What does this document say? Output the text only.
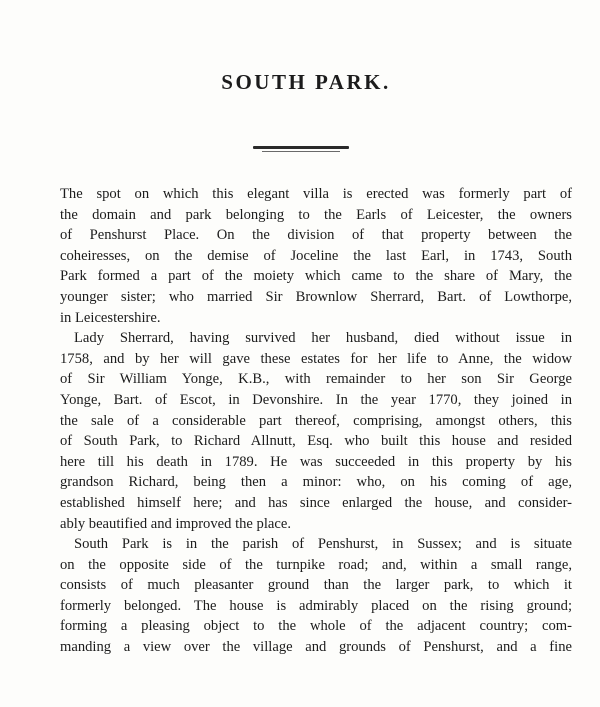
SOUTH PARK.
The spot on which this elegant villa is erected was formerly part of
the domain and park belonging to the Earls of Leicester, the owners
of Penshurst Place. On the division of that property between the
coheiresses, on the demise of Joceline the last Earl, in 1743, South
Park formed a part of the moiety which came to the share of Mary, the
younger sister; who married Sir Brownlow Sherrard, Bart. of Lowthorpe,
in Leicestershire.
Lady Sherrard, having survived her husband, died without issue in
1758, and by her will gave these estates for her life to Anne, the widow
of Sir William Yonge, K.B., with remainder to her son Sir George
Yonge, Bart. of Escot, in Devonshire. In the year 1770, they joined in
the sale of a considerable part thereof, comprising, amongst others, this
of South Park, to Richard Allnutt, Esq. who built this house and resided
here till his death in 1789. He was succeeded in this property by his
grandson Richard, being then a minor: who, on his coming of age,
established himself here; and has since enlarged the house, and consider-
ably beautified and improved the place.
South Park is in the parish of Penshurst, in Sussex; and is situate
on the opposite side of the turnpike road; and, within a small range,
consists of much pleasanter ground than the larger park, to which it
formerly belonged. The house is admirably placed on the rising ground;
forming a pleasing object to the whole of the adjacent country; com-
manding a view over the village and grounds of Penshurst, and a fine
